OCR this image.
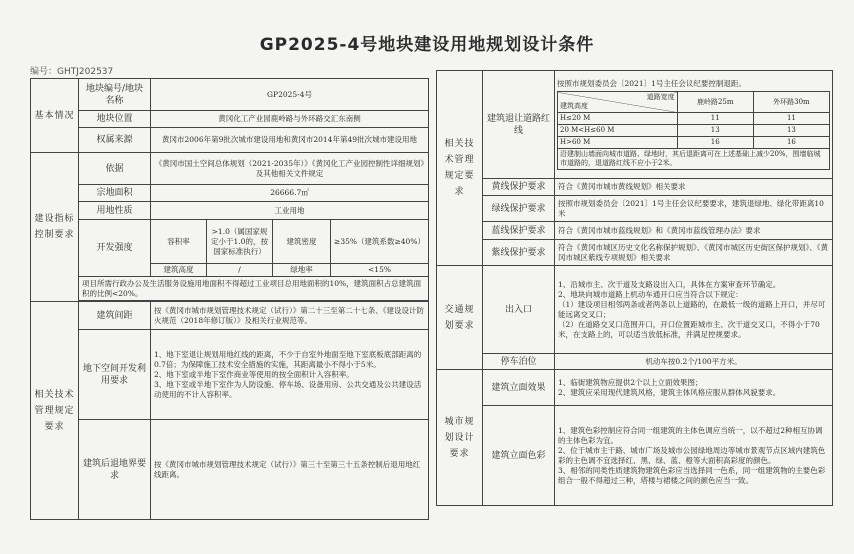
GP2025-4号地块建设用地规划设计条件
编号：GHTJ202537
基本情况	地块编号/地块名称	GP2025-4号			
	地块位置	黄冈化工产业园鹿岭路与外环路交汇东南侧			
	权属来源	黄冈市2006年第9批次城市建设用地和黄冈市2014年第49批次城市建设用地			
建设指标控制要求	依据	《黄冈市国土空间总体规划（2021-2035年）》《黄冈化工产业园控制性详细规划》及其他相关文件规定			
	宗地面积	26666.7㎡			
	用地性质	工业用地			
	开发强度	容积率	>1.0（属国家规定小于1.0的，按国家标准执行）	建筑密度	≥35%（建筑系数≥40%）
		建筑高度	/	绿地率	<15%
	项目所需行政办公及生活服务设施用地面积不得超过工业项目总用地面积的10%，建筑面积占总建筑面积的比例<20%。				

相关技术管理规定要求	建筑间距	按《黄冈市城市规划管理技术规定（试行）》第二十三至第二十七条、《建设设计防火规范（2018年修订版）》及相关行业规范等。			
	地下空间开发利用要求	1、地下室退让规划用地红线的距离，不少于自室外地面至地下室底板底部距离的0.7倍；为保障施工技术安全措施的实施，其距离最小不得小于5米。
2、地下室或半地下室作商业等使用的按全面积计入容积率。
3、地下室或半地下室作为人防设施、停车场、设备用房、公共交通及公共建设活动使用的不计入容积率。			

	建筑后退地界要求	按《黄冈市城市规划管理技术规定（试行）》第三十至第三十五条控制后退用地红线距离。			
相关技术管理规定要求	建筑退让道路红线	
按照市规划委员会〔2021〕1号主任会议纪要控制退距。
道路宽度
建筑高度
	鹿岭路25m	外环路30m
H≤20 M	11	11
20 M<H≤60 M	13	13
H>60 M	16	16
沿建制山墙面向城市道路、绿地时，其后退距离可在上述基础上减少20%，围墙临城市道路的，退道路红线不应小于2米。

黄线保护要求	符合《黄冈市城市黄线规划》相关要求
绿线保护要求	按照市规划委员会〔2021〕1号主任会议纪要要求，建筑退绿地、绿化带距离10米
蓝线保护要求	符合《黄冈市城市蓝线规划》和《黄冈市蓝线管理办法》要求
紫线保护要求	符合《黄冈市城区历史文化名称保护规划》、《黄冈市城区历史街区保护规划》、《黄冈市城区紫线专项规划》相关要求
交通规划要求	出入口	
1、沿城市主、次干道及支路设出入口，具体在方案审查环节确定。
2、地块向城市道路上机动车通开口应当符合以下规定：
（1）建设项目相邻两条或者两条以上道路的，在最低一级的道路上开口，并尽可能远离交叉口；
（2）在道路交叉口范围开口，开口位置距城市主、次干道交叉口，不得小于70米，在支路上的，可以适当放低标准，并满足控规要求。

停车泊位	机动车按0.2个/100平方米。
城市规划设计要求	建筑立面效果	
1、临街建筑物应提供2个以上立面效果图；
2、建筑应采用现代建筑风格，建筑主体风格应服从群体风貌要求。

建筑立面色彩	
1、建筑色彩控制应符合同一组建筑的主体色调应当统一，以不超过2种相互协调的主体色彩为宜。
2、位于城市主干路、城市广场及城市公园绿地周边等城市景观节点区域内建筑色彩的主色调不宜选择红、黑、绿、蓝、橙等大面积高彩度的颜色。
3、相邻的同类性质建筑物建筑色彩应当选择同一色系，同一组建筑物的主要色彩组合一般不得超过三种，塔楼与裙楼之间的颜色应当一致。
